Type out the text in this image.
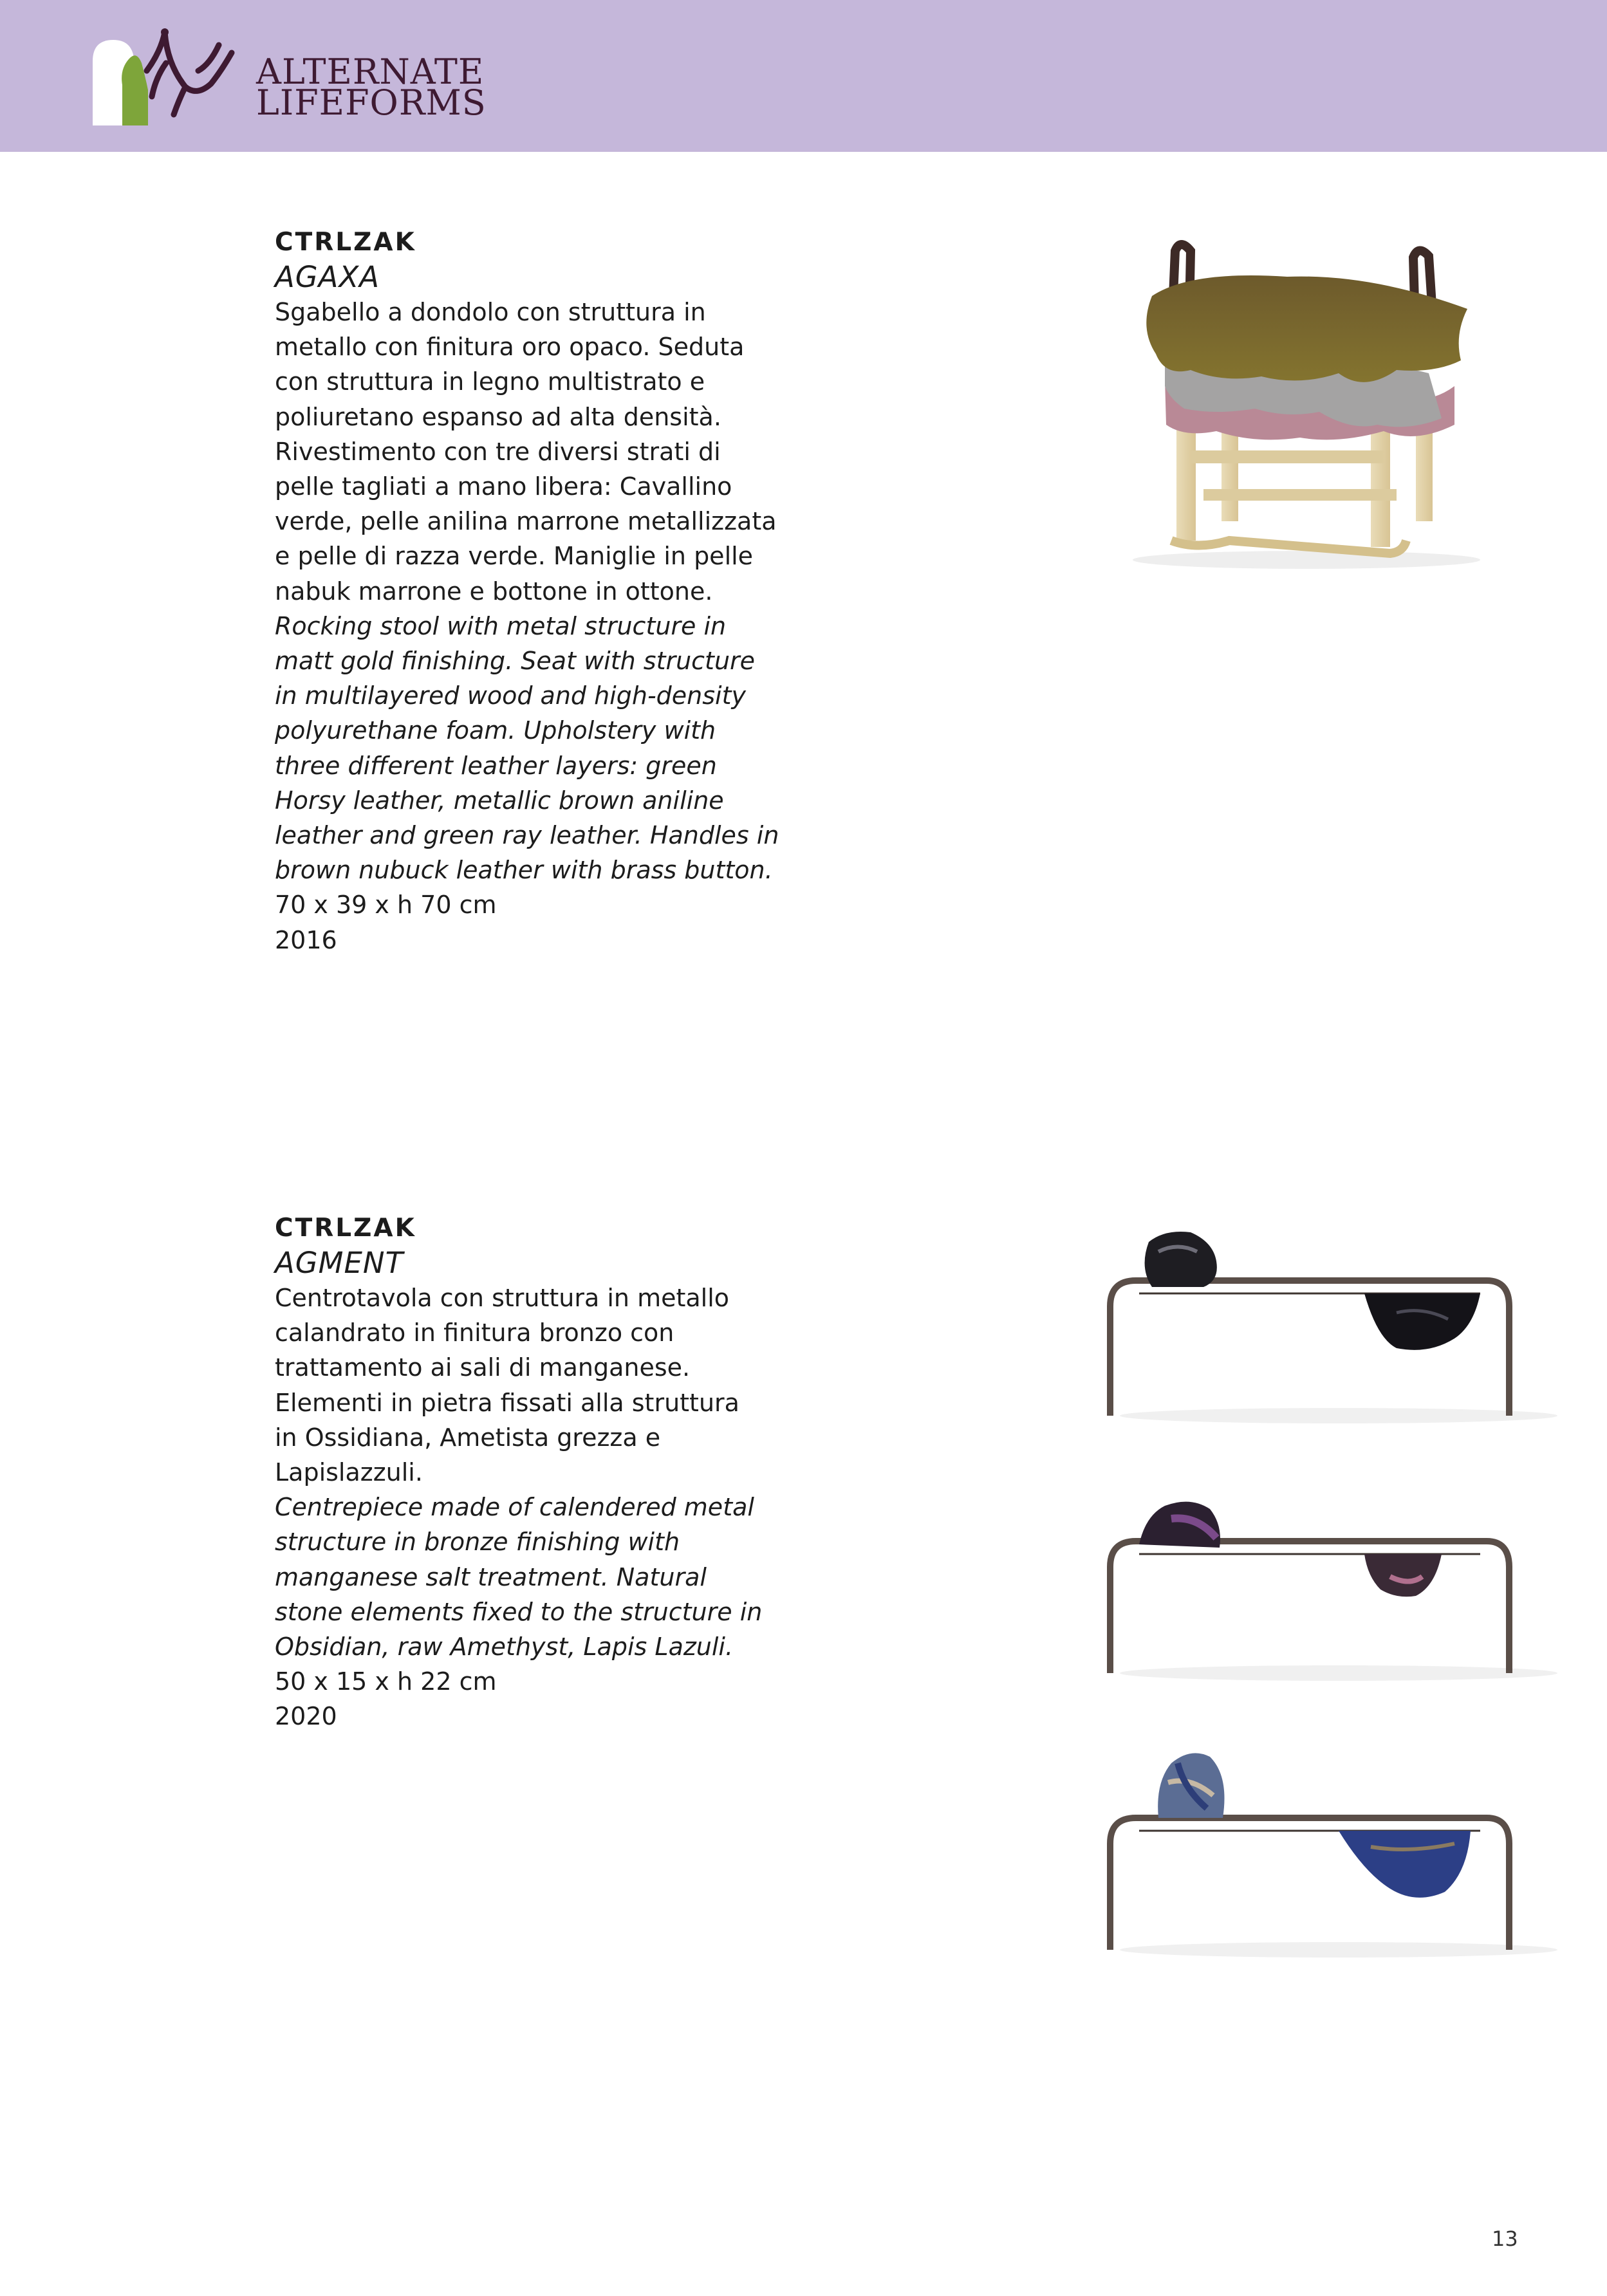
ALTERNATE
LIFEFORMS
CTRLZAK
AGAXA
Sgabello a dondolo con struttura in
metallo con finitura oro opaco. Seduta
con struttura in legno multistrato e
poliuretano espanso ad alta densità.
Rivestimento con tre diversi strati di
pelle tagliati a mano libera: Cavallino
verde, pelle anilina marrone metallizzata
e pelle di razza verde. Maniglie in pelle
nabuk marrone e bottone in ottone.
Rocking stool with metal structure in
matt gold finishing. Seat with structure
in multilayered wood and high-density
polyurethane foam. Upholstery with
three different leather layers: green
Horsy leather, metallic brown aniline
leather and green ray leather. Handles in
brown nubuck leather with brass button.
70 x 39 x h 70 cm
2016
CTRLZAK
AGMENT
Centrotavola con struttura in metallo
calandrato in finitura bronzo con
trattamento ai sali di manganese.
Elementi in pietra fissati alla struttura
in Ossidiana, Ametista grezza e
Lapislazzuli.
Centrepiece made of calendered metal
structure in bronze finishing with
manganese salt treatment. Natural
stone elements fixed to the structure in
Obsidian, raw Amethyst, Lapis Lazuli.
50 x 15 x h 22 cm
2020
13
